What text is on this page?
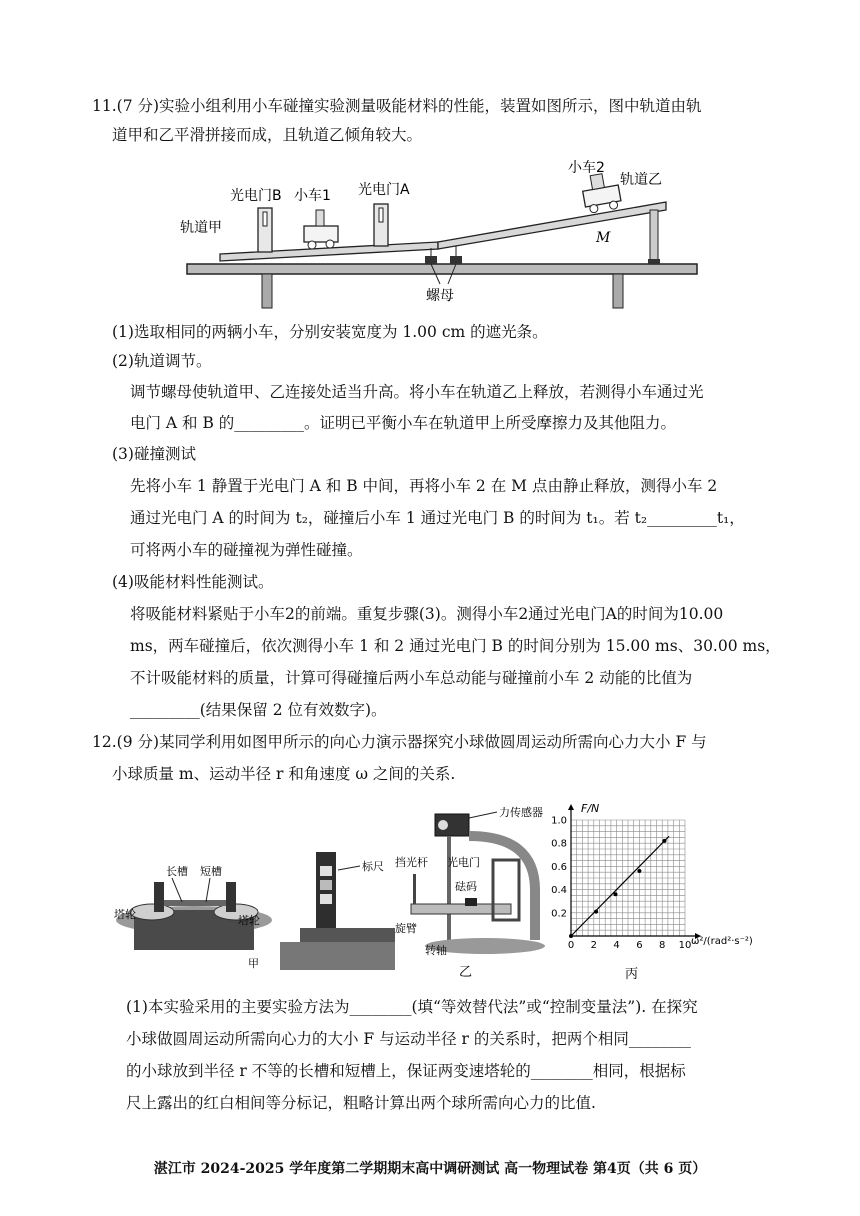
11.(7 分)实验小组利用小车碰撞实验测量吸能材料的性能，装置如图所示，图中轨道由轨
道甲和乙平滑拼接而成，且轨道乙倾角较大。
光电门B 小车1 光电门A
小车2
轨道乙
轨道甲
M
螺母
(1)选取相同的两辆小车，分别安装宽度为 1.00 cm 的遮光条。
(2)轨道调节。
调节螺母使轨道甲、乙连接处适当升高。将小车在轨道乙上释放，若测得小车通过光
电门 A 和 B 的_________。证明已平衡小车在轨道甲上所受摩擦力及其他阻力。
(3)碰撞测试
先将小车 1 静置于光电门 A 和 B 中间，再将小车 2 在 M 点由静止释放，测得小车 2
通过光电门 A 的时间为 t₂，碰撞后小车 1 通过光电门 B 的时间为 t₁。若 t₂_________t₁，
可将两小车的碰撞视为弹性碰撞。
(4)吸能材料性能测试。
将吸能材料紧贴于小车2的前端。重复步骤(3)。测得小车2通过光电门A的时间为10.00
ms，两车碰撞后，依次测得小车 1 和 2 通过光电门 B 的时间分别为 15.00 ms、30.00 ms，
不计吸能材料的质量，计算可得碰撞后两小车总动能与碰撞前小车 2 动能的比值为
_________(结果保留 2 位有效数字)。
12.(9 分)某同学利用如图甲所示的向心力演示器探究小球做圆周运动所需向心力大小 F 与
小球质量 m、运动半径 r 和角速度 ω 之间的关系.
长槽 短槽
塔轮	塔轮
甲
标尺
力传感器
挡光杆 光电门
砝码
旋臂
转轴
乙
0 2 4 6 8 10
0.2
0.4
0.6
0.8
1.0
F/N
ω²/(rad²·s⁻²)
丙
(1)本实验采用的主要实验方法为________(填“等效替代法”或“控制变量法”). 在探究
小球做圆周运动所需向心力的大小 F 与运动半径 r 的关系时，把两个相同________
的小球放到半径 r 不等的长槽和短槽上，保证两变速塔轮的________相同，根据标
尺上露出的红白相间等分标记，粗略计算出两个球所需向心力的比值.
湛江市 2024-2025 学年度第二学期期末高中调研测试 高一物理试卷 第4页（共 6 页）
